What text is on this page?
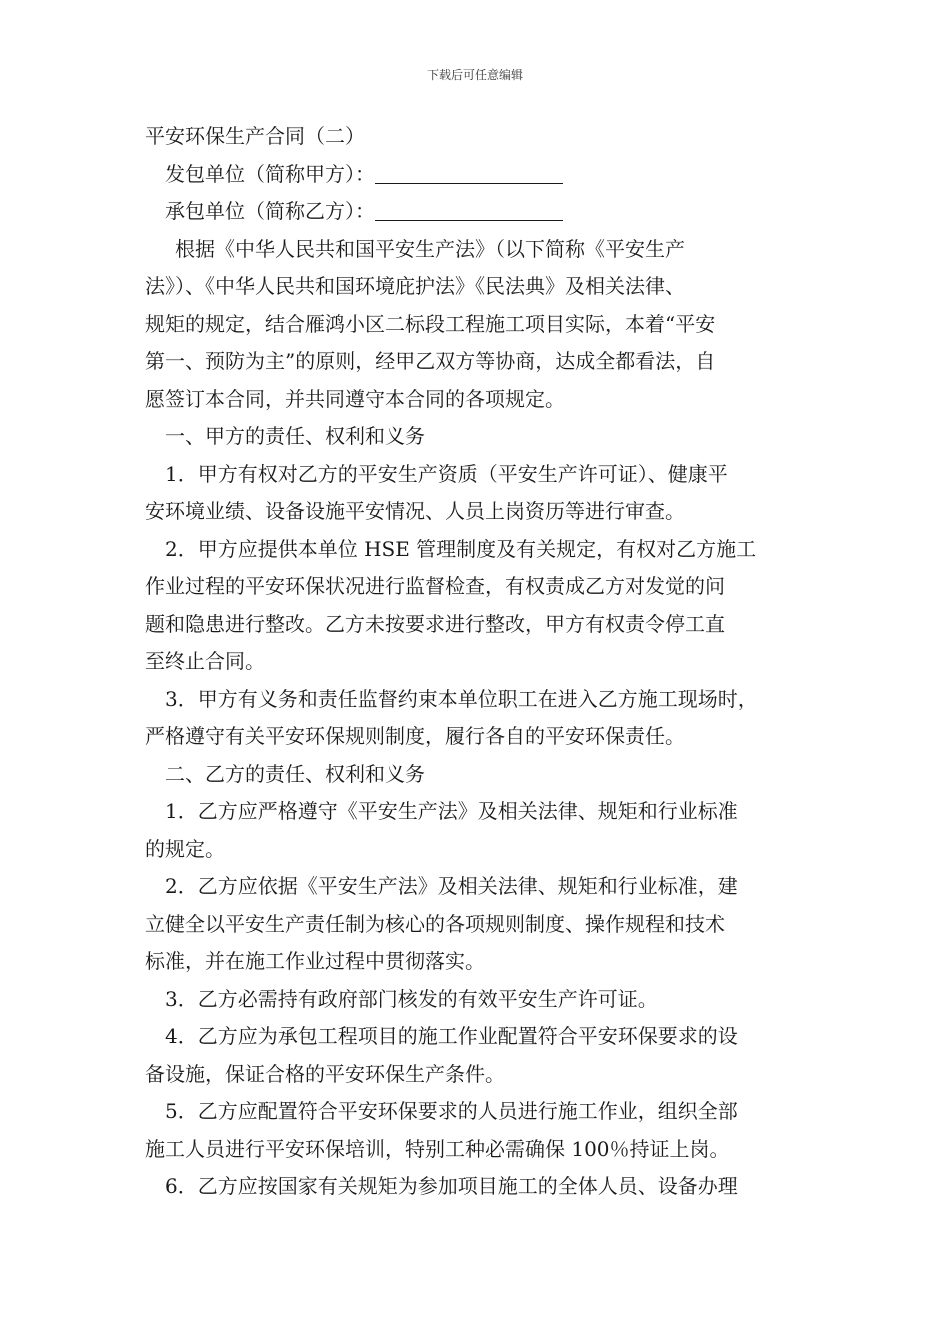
下载后可任意编辑

平安环保生产合同（二）

发包单位（简称甲方）：

承包单位（简称乙方）：

根据《中华人民共和国平安生产法》（以下简称《平安生产

法》）、《中华人民共和国环境庇护法》《民法典》及相关法律、

规矩的规定，结合雁鸿小区二标段工程施工项目实际，本着“平安

第一、预防为主”的原则，经甲乙双方等协商，达成全都看法，自

愿签订本合同，并共同遵守本合同的各项规定。

一、甲方的责任、权利和义务

1．甲方有权对乙方的平安生产资质（平安生产许可证）、健康平

安环境业绩、设备设施平安情况、人员上岗资历等进行审查。

2．甲方应提供本单位 HSE 管理制度及有关规定，有权对乙方施工

作业过程的平安环保状况进行监督检查，有权责成乙方对发觉的问

题和隐患进行整改。乙方未按要求进行整改，甲方有权责令停工直

至终止合同。

3．甲方有义务和责任监督约束本单位职工在进入乙方施工现场时，

严格遵守有关平安环保规则制度，履行各自的平安环保责任。

二、乙方的责任、权利和义务

1．乙方应严格遵守《平安生产法》及相关法律、规矩和行业标准

的规定。

2．乙方应依据《平安生产法》及相关法律、规矩和行业标准，建

立健全以平安生产责任制为核心的各项规则制度、操作规程和技术

标准，并在施工作业过程中贯彻落实。

3．乙方必需持有政府部门核发的有效平安生产许可证。

4．乙方应为承包工程项目的施工作业配置符合平安环保要求的设

备设施，保证合格的平安环保生产条件。

5．乙方应配置符合平安环保要求的人员进行施工作业，组织全部

施工人员进行平安环保培训，特别工种必需确保 100％持证上岗。

6．乙方应按国家有关规矩为参加项目施工的全体人员、设备办理
